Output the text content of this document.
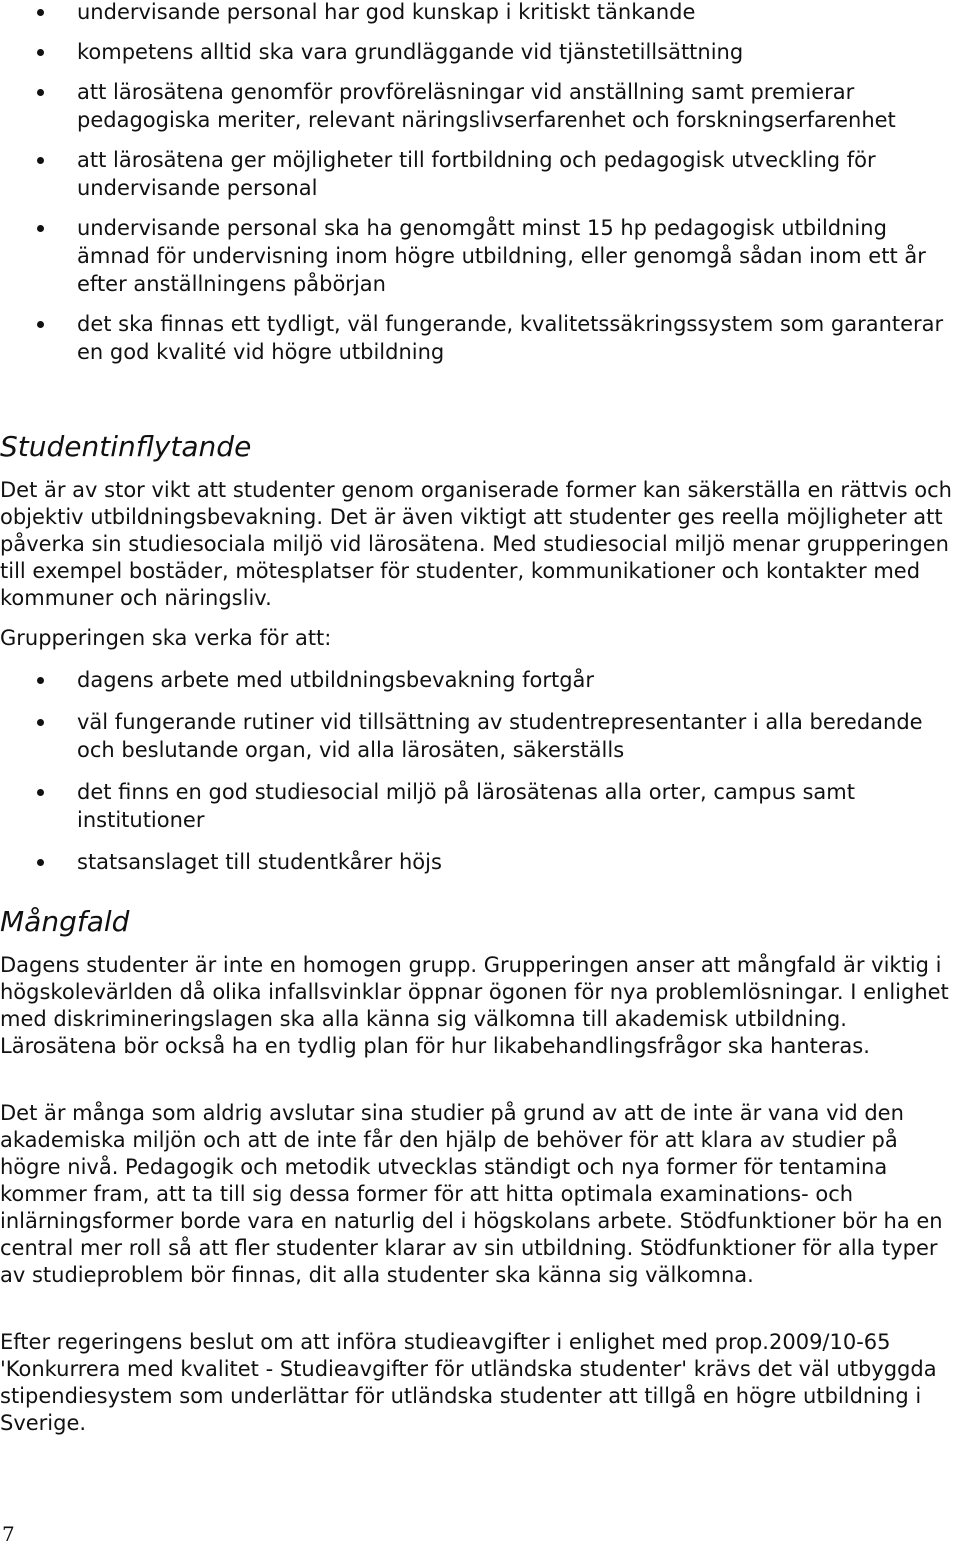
undervisande personal har god kunskap i kritiskt tänkande
kompetens alltid ska vara grundläggande vid tjänstetillsättning
att lärosätena genomför provföreläsningar vid anställning samt premierar pedagogiska meriter, relevant näringslivserfarenhet och forskningserfarenhet
att lärosätena ger möjligheter till fortbildning och pedagogisk utveckling för undervisande personal
undervisande personal ska ha genomgått minst 15 hp pedagogisk utbildning ämnad för undervisning inom högre utbildning, eller genomgå sådan inom ett år efter anställningens påbörjan
det ska finnas ett tydligt, väl fungerande, kvalitetssäkringssystem som garanterar en god kvalité vid högre utbildning
Studentinflytande

Det är av stor vikt att studenter genom organiserade former kan säkerställa en rättvis och objektiv utbildningsbevakning. Det är även viktigt att studenter ges reella möjligheter att påverka sin studiesociala miljö vid lärosätena. Med studiesocial miljö menar grupperingen till exempel bostäder, mötesplatser för studenter, kommunikationer och kontakter med kommuner och näringsliv.

Grupperingen ska verka för att:

dagens arbete med utbildningsbevakning fortgår
väl fungerande rutiner vid tillsättning av studentrepresentanter i alla beredande och beslutande organ, vid alla lärosäten, säkerställs
det finns en god studiesocial miljö på lärosätenas alla orter, campus samt institutioner
statsanslaget till studentkårer höjs
Mångfald

Dagens studenter är inte en homogen grupp. Grupperingen anser att mångfald är viktig i högskolevärlden då olika infallsvinklar öppnar ögonen för nya problemlösningar. I enlighet med diskrimineringslagen ska alla känna sig välkomna till akademisk utbildning. Lärosätena bör också ha en tydlig plan för hur likabehandlingsfrågor ska hanteras.

Det är många som aldrig avslutar sina studier på grund av att de inte är vana vid den akademiska miljön och att de inte får den hjälp de behöver för att klara av studier på högre nivå. Pedagogik och metodik utvecklas ständigt och nya former för tentamina kommer fram, att ta till sig dessa former för att hitta optimala examinations- och inlärningsformer borde vara en naturlig del i högskolans arbete. Stödfunktioner bör ha en central mer roll så att fler studenter klarar av sin utbildning. Stödfunktioner för alla typer av studieproblem bör finnas, dit alla studenter ska känna sig välkomna.

Efter regeringens beslut om att införa studieavgifter i enlighet med prop.2009/10-65 'Konkurrera med kvalitet - Studieavgifter för utländska studenter' krävs det väl utbyggda stipendiesystem som underlättar för utländska studenter att tillgå en högre utbildning i Sverige.

7
